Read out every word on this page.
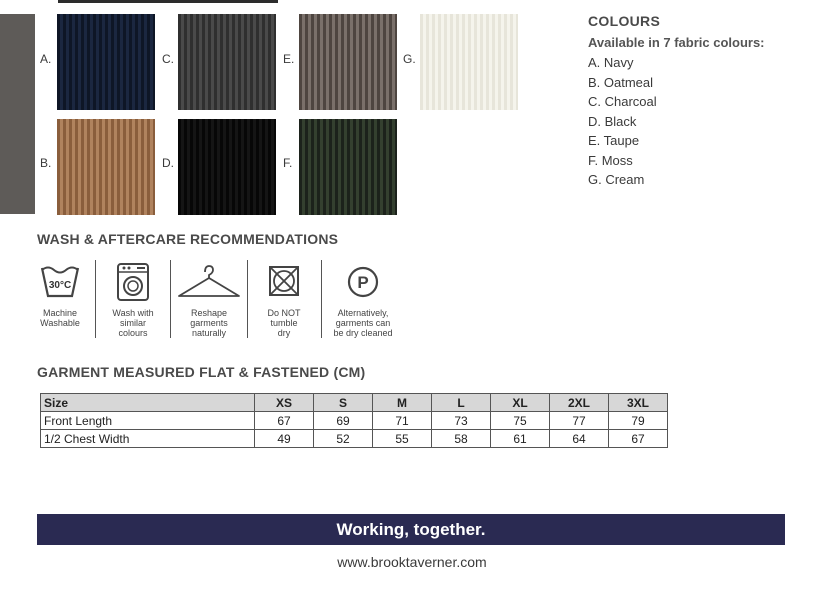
A.	C.	E.	G.
B.	D.	F.
COLOURS
Available in 7 fabric colours:
A. Navy
B. Oatmeal
C. Charcoal
D. Black
E. Taupe
F. Moss
G. Cream
WASH & AFTERCARE RECOMMENDATIONS
30°C
Machine
Washable
Wash with
similar
colours
Reshape
garments
naturally
Do NOT
tumble
dry
P
Alternatively,
garments can
be dry cleaned
GARMENT MEASURED FLAT & FASTENED (CM)
Size	XS	S	M	L	XL	2XL	3XL
Front Length	67	69	71	73	75	77	79
1/2 Chest Width	49	52	55	58	61	64	67
Working, together.
www.brooktaverner.com
